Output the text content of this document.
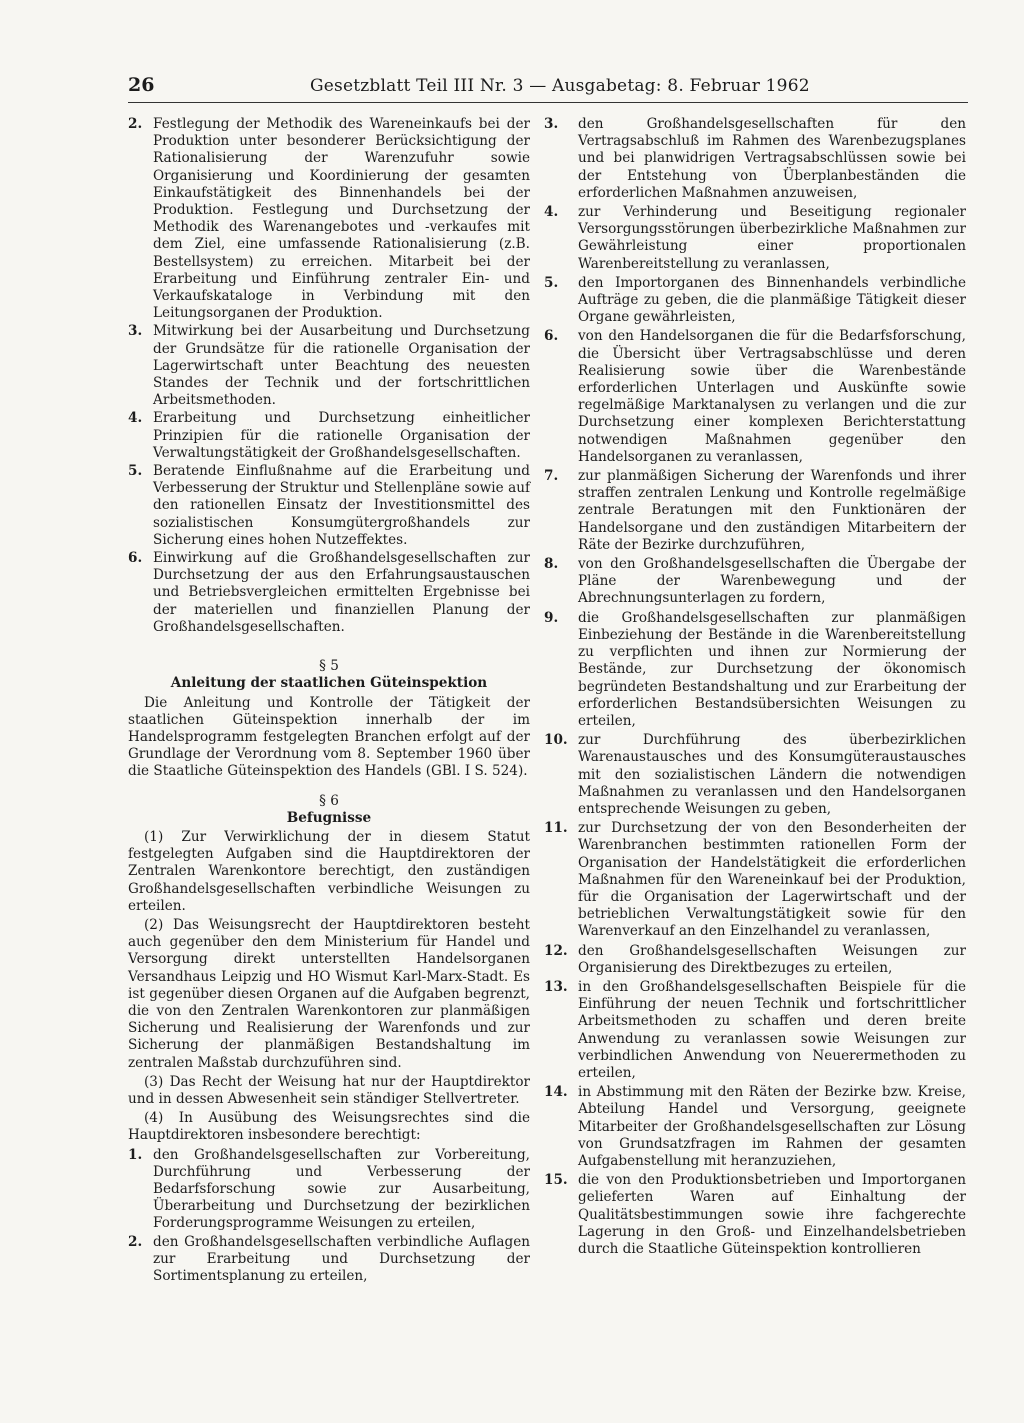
26	Gesetzblatt Teil III Nr. 3 — Ausgabetag: 8. Februar 1962
2. Festlegung der Methodik des Wareneinkaufs bei der Produktion unter besonderer Berücksichtigung der Rationalisierung der Warenzufuhr sowie Organisierung und Koordinierung der gesamten Einkaufstätigkeit des Binnenhandels bei der Produktion. Festlegung und Durchsetzung der Methodik des Warenangebotes und -verkaufes mit dem Ziel, eine umfassende Rationalisierung (z.B. Bestellsystem) zu erreichen. Mitarbeit bei der Erarbeitung und Einführung zentraler Ein- und Verkaufskataloge in Verbindung mit den Leitungsorganen der Produktion.
3. Mitwirkung bei der Ausarbeitung und Durchsetzung der Grundsätze für die rationelle Organisation der Lagerwirtschaft unter Beachtung des neuesten Standes der Technik und der fortschrittlichen Arbeitsmethoden.
4. Erarbeitung und Durchsetzung einheitlicher Prinzipien für die rationelle Organisation der Verwaltungstätigkeit der Großhandelsgesellschaften.
5. Beratende Einflußnahme auf die Erarbeitung und Verbesserung der Struktur und Stellenpläne sowie auf den rationellen Einsatz der Investitionsmittel des sozialistischen Konsumgütergroßhandels zur Sicherung eines hohen Nutzeffektes.
6. Einwirkung auf die Großhandelsgesellschaften zur Durchsetzung der aus den Erfahrungsaustauschen und Betriebsvergleichen ermittelten Ergebnisse bei der materiellen und finanziellen Planung der Großhandelsgesellschaften.
§ 5
Anleitung der staatlichen Güteinspektion

Die Anleitung und Kontrolle der Tätigkeit der staatlichen Güteinspektion innerhalb der im Handelsprogramm festgelegten Branchen erfolgt auf der Grundlage der Verordnung vom 8. September 1960 über die Staatliche Güteinspektion des Handels (GBl. I S. 524).

§ 6
Befugnisse

(1) Zur Verwirklichung der in diesem Statut festgelegten Aufgaben sind die Hauptdirektoren der Zentralen Warenkontore berechtigt, den zuständigen Großhandelsgesellschaften verbindliche Weisungen zu erteilen.

(2) Das Weisungsrecht der Hauptdirektoren besteht auch gegenüber den dem Ministerium für Handel und Versorgung direkt unterstellten Handelsorganen Versandhaus Leipzig und HO Wismut Karl-Marx-Stadt. Es ist gegenüber diesen Organen auf die Aufgaben begrenzt, die von den Zentralen Warenkontoren zur planmäßigen Sicherung und Realisierung der Warenfonds und zur Sicherung der planmäßigen Bestandshaltung im zentralen Maßstab durchzuführen sind.

(3) Das Recht der Weisung hat nur der Hauptdirektor und in dessen Abwesenheit sein ständiger Stellvertreter.

(4) In Ausübung des Weisungsrechtes sind die Hauptdirektoren insbesondere berechtigt:

1. den Großhandelsgesellschaften zur Vorbereitung, Durchführung und Verbesserung der Bedarfsforschung sowie zur Ausarbeitung, Überarbeitung und Durchsetzung der bezirklichen Forderungsprogramme Weisungen zu erteilen,
2. den Großhandelsgesellschaften verbindliche Auflagen zur Erarbeitung und Durchsetzung der Sortimentsplanung zu erteilen,
3. den Großhandelsgesellschaften für den Vertragsabschluß im Rahmen des Warenbezugsplanes und bei planwidrigen Vertragsabschlüssen sowie bei der Entstehung von Überplanbeständen die erforderlichen Maßnahmen anzuweisen,
4. zur Verhinderung und Beseitigung regionaler Versorgungsstörungen überbezirkliche Maßnahmen zur Gewährleistung einer proportionalen Warenbereitstellung zu veranlassen,
5. den Importorganen des Binnenhandels verbindliche Aufträge zu geben, die die planmäßige Tätigkeit dieser Organe gewährleisten,
6. von den Handelsorganen die für die Bedarfsforschung, die Übersicht über Vertragsabschlüsse und deren Realisierung sowie über die Warenbestände erforderlichen Unterlagen und Auskünfte sowie regelmäßige Marktanalysen zu verlangen und die zur Durchsetzung einer komplexen Berichterstattung notwendigen Maßnahmen gegenüber den Handelsorganen zu veranlassen,
7. zur planmäßigen Sicherung der Warenfonds und ihrer straffen zentralen Lenkung und Kontrolle regelmäßige zentrale Beratungen mit den Funktionären der Handelsorgane und den zuständigen Mitarbeitern der Räte der Bezirke durchzuführen,
8. von den Großhandelsgesellschaften die Übergabe der Pläne der Warenbewegung und der Abrechnungsunterlagen zu fordern,
9. die Großhandelsgesellschaften zur planmäßigen Einbeziehung der Bestände in die Warenbereitstellung zu verpflichten und ihnen zur Normierung der Bestände, zur Durchsetzung der ökonomisch begründeten Bestandshaltung und zur Erarbeitung der erforderlichen Bestandsübersichten Weisungen zu erteilen,
10. zur Durchführung des überbezirklichen Warenaustausches und des Konsumgüteraustausches mit den sozialistischen Ländern die notwendigen Maßnahmen zu veranlassen und den Handelsorganen entsprechende Weisungen zu geben,
11. zur Durchsetzung der von den Besonderheiten der Warenbranchen bestimmten rationellen Form der Organisation der Handelstätigkeit die erforderlichen Maßnahmen für den Wareneinkauf bei der Produktion, für die Organisation der Lagerwirtschaft und der betrieblichen Verwaltungstätigkeit sowie für den Warenverkauf an den Einzelhandel zu veranlassen,
12. den Großhandelsgesellschaften Weisungen zur Organisierung des Direktbezuges zu erteilen,
13. in den Großhandelsgesellschaften Beispiele für die Einführung der neuen Technik und fortschrittlicher Arbeitsmethoden zu schaffen und deren breite Anwendung zu veranlassen sowie Weisungen zur verbindlichen Anwendung von Neuerermethoden zu erteilen,
14. in Abstimmung mit den Räten der Bezirke bzw. Kreise, Abteilung Handel und Versorgung, geeignete Mitarbeiter der Großhandelsgesellschaften zur Lösung von Grundsatzfragen im Rahmen der gesamten Aufgabenstellung mit heranzuziehen,
15. die von den Produktionsbetrieben und Importorganen gelieferten Waren auf Einhaltung der Qualitätsbestimmungen sowie ihre fachgerechte Lagerung in den Groß- und Einzelhandelsbetrieben durch die Staatliche Güteinspektion kontrollieren
